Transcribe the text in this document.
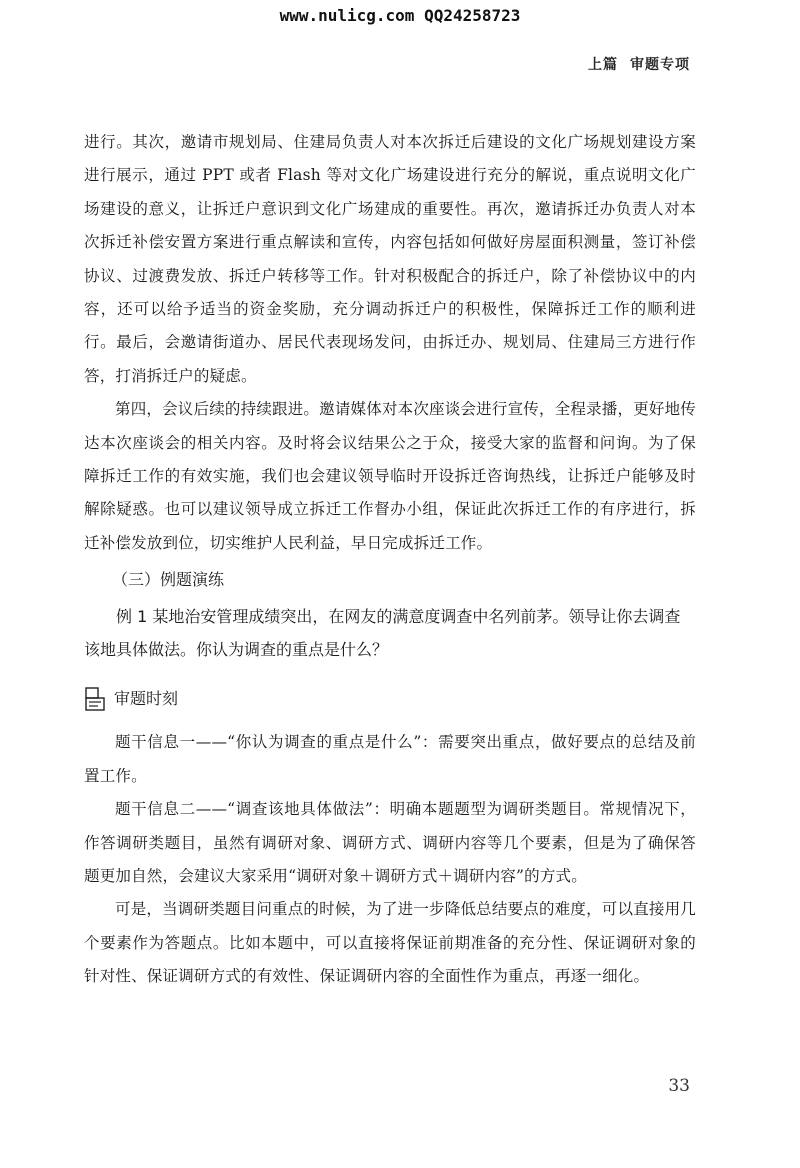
www.nulicg.com QQ24258723
上篇 审题专项

进行。其次，邀请市规划局、住建局负责人对本次拆迁后建设的文化广场规划建设方案进行展示，通过 PPT 或者 Flash 等对文化广场建设进行充分的解说，重点说明文化广场建设的意义，让拆迁户意识到文化广场建成的重要性。再次，邀请拆迁办负责人对本次拆迁补偿安置方案进行重点解读和宣传，内容包括如何做好房屋面积测量，签订补偿协议、过渡费发放、拆迁户转移等工作。针对积极配合的拆迁户，除了补偿协议中的内容，还可以给予适当的资金奖励，充分调动拆迁户的积极性，保障拆迁工作的顺利进行。最后，会邀请街道办、居民代表现场发问，由拆迁办、规划局、住建局三方进行作答，打消拆迁户的疑虑。

第四，会议后续的持续跟进。邀请媒体对本次座谈会进行宣传，全程录播，更好地传达本次座谈会的相关内容。及时将会议结果公之于众，接受大家的监督和问询。为了保障拆迁工作的有效实施，我们也会建议领导临时开设拆迁咨询热线，让拆迁户能够及时解除疑惑。也可以建议领导成立拆迁工作督办小组，保证此次拆迁工作的有序进行，拆迁补偿发放到位，切实维护人民利益，早日完成拆迁工作。

（三）例题演练

例 1 某地治安管理成绩突出，在网友的满意度调查中名列前茅。领导让你去调查该地具体做法。你认为调查的重点是什么？

审题时刻

题干信息一——“你认为调查的重点是什么”：需要突出重点，做好要点的总结及前置工作。

题干信息二——“调查该地具体做法”：明确本题题型为调研类题目。常规情况下，作答调研类题目，虽然有调研对象、调研方式、调研内容等几个要素，但是为了确保答题更加自然，会建议大家采用“调研对象＋调研方式＋调研内容”的方式。

可是，当调研类题目问重点的时候，为了进一步降低总结要点的难度，可以直接用几个要素作为答题点。比如本题中，可以直接将保证前期准备的充分性、保证调研对象的针对性、保证调研方式的有效性、保证调研内容的全面性作为重点，再逐一细化。

33
